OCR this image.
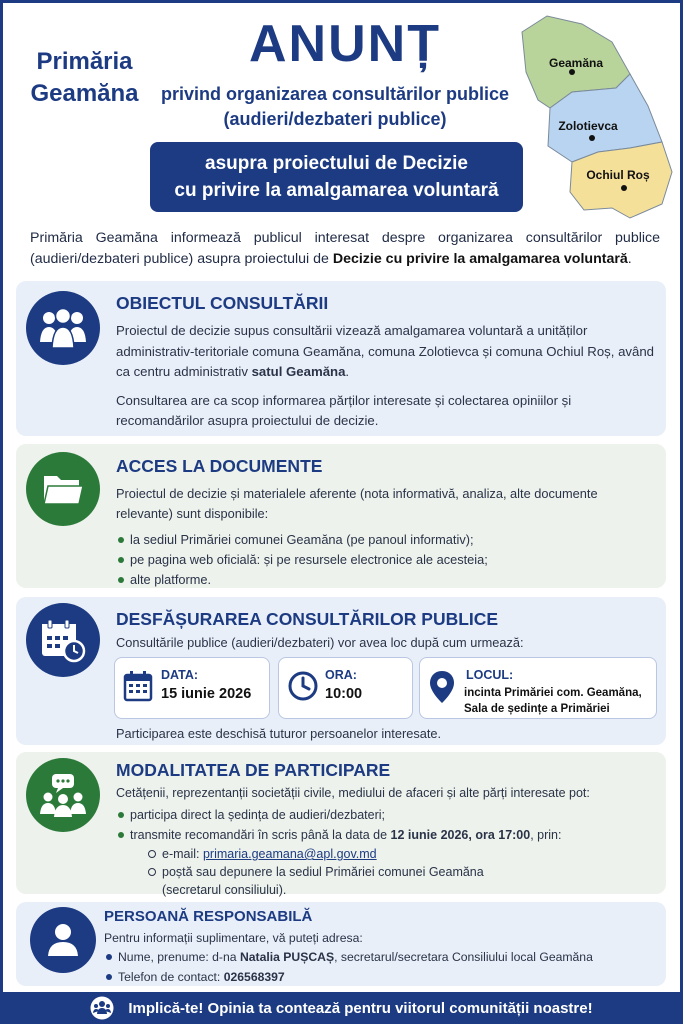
Primăria Geamăna
ANUNȚ
privind organizarea consultărilor publice
(audieri/dezbateri publice)
asupra proiectului de Decizie
cu privire la amalgamarea voluntară
Geamăna
Zolotievca
Ochiul Roș
Primăria Geamăna informează publicul interesat despre organizarea consultărilor publice (audieri/dezbateri publice) asupra proiectului de Decizie cu privire la amalgamarea voluntară.
OBIECTUL CONSULTĂRII

Proiectul de decizie supus consultării vizează amalgamarea voluntară a unităților administrativ-teritoriale comuna Geamăna, comuna Zolotievca și comuna Ochiul Roș, având ca centru administrativ satul Geamăna.

Consultarea are ca scop informarea părților interesate și colectarea opiniilor și recomandărilor asupra proiectului de decizie.

ACCES LA DOCUMENTE
Proiectul de decizie și materialele aferente (nota informativă, analiza, alte documente relevante) sunt disponibile:
la sediul Primăriei comunei Geamăna (pe panoul informativ);
pe pagina web oficială: și pe resursele electronice ale acesteia;
alte platforme.
DESFĂȘURAREA CONSULTĂRILOR PUBLICE
Consultările publice (audieri/dezbateri) vor avea loc după cum urmează:
DATA:
15 iunie 2026
ORA:
10:00
LOCUL:
incinta Primăriei com. Geamăna,
Sala de ședințe a Primăriei
Participarea este deschisă tuturor persoanelor interesate.
MODALITATEA DE PARTICIPARE
Cetățenii, reprezentanții societății civile, mediului de afaceri și alte părți interesate pot:
participa direct la ședința de audieri/dezbateri;
transmite recomandări în scris până la data de 12 iunie 2026, ora 17:00, prin:
e-mail: primaria.geamana@apl.gov.md
poștă sau depunere la sediul Primăriei comunei Geamăna
(secretarul consiliului).
PERSOANĂ RESPONSABILĂ
Pentru informații suplimentare, vă puteți adresa:
Nume, prenume: d-na Natalia PUȘCAȘ, secretarul/secretara Consiliului local Geamăna
Telefon de contact: 026568397
Implică-te! Opinia ta contează pentru viitorul comunității noastre!
